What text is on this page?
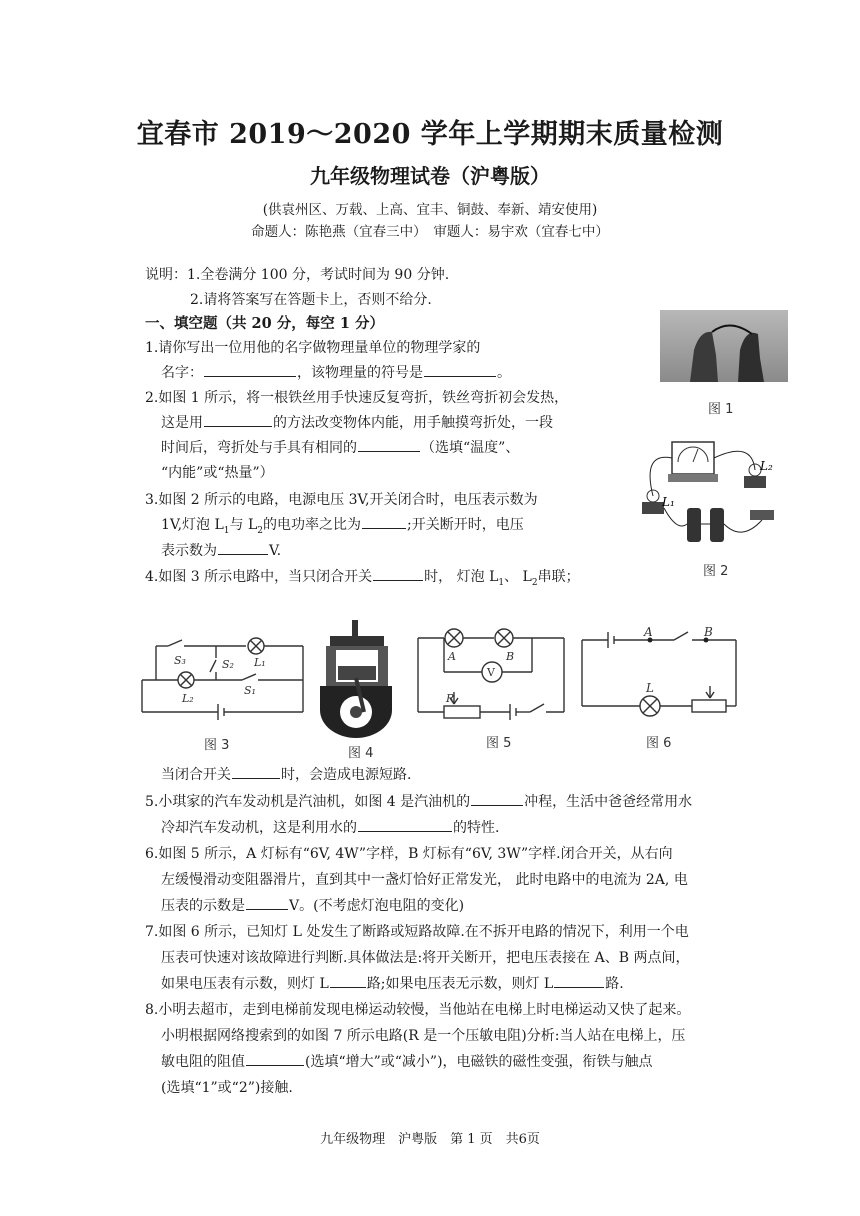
宜春市 2019～2020 学年上学期期末质量检测
九年级物理试卷（沪粤版）
(供袁州区、万载、上高、宜丰、铜鼓、奉新、靖安使用)
命题人：陈艳燕（宜春三中）　审题人：易宇欢（宜春七中）
说明：1.全卷满分 100 分，考试时间为 90 分钟.
2.请将答案写在答题卡上，否则不给分.
一、填空题（共 20 分，每空 1 分）
1.请你写出一位用他的名字做物理量单位的物理学家的
名字：	，该物理量的符号是	。
2.如图 1 所示，将一根铁丝用手快速反复弯折，铁丝弯折初会发热，
这是用	的方法改变物体内能，用手触摸弯折处，一段
时间后，弯折处与手具有相同的	（选填“温度”、
“内能”或“热量”）
3.如图 2 所示的电路，电源电压 3V,开关闭合时，电压表示数为
1V,灯泡 $L_1$与 $L_2$的电功率之比为	;开关断开时，电压
表示数为	V.
4.如图 3 所示电路中，当只闭合开关	时， 灯泡 $L_1$、 $L_2$串联；
图 1
L₂
L₁
图 2
S₃	S₂ L₁
L₂
S₁
图 3
图 4
A	B
V
R
图 5
A	B
L
图 6
当闭合开关	时，会造成电源短路.
5.小琪家的汽车发动机是汽油机，如图 4 是汽油机的	冲程，生活中爸爸经常用水
冷却汽车发动机，这是利用水的	的特性.
6.如图 5 所示，A 灯标有“6V, 4W”字样，B 灯标有“6V, 3W”字样.闭合开关，从右向
左缓慢滑动变阻器滑片，直到其中一盏灯恰好正常发光， 此时电路中的电流为 2A, 电
压表的示数是	V。(不考虑灯泡电阻的变化)
7.如图 6 所示，已知灯 L 处发生了断路或短路故障.在不拆开电路的情况下，利用一个电
压表可快速对该故障进行判断.具体做法是:将开关断开，把电压表接在 A、B 两点间，
如果电压表有示数，则灯 L	路;如果电压表无示数，则灯 L	路.
8.小明去超市，走到电梯前发现电梯运动较慢，当他站在电梯上时电梯运动又快了起来。
小明根据网络搜索到的如图 7 所示电路(R 是一个压敏电阻)分析:当人站在电梯上，压
敏电阻的阻值	(选填“增大”或“减小”)，电磁铁的磁性变强，衔铁与触点
(选填“1”或“2”)接触.
九年级物理　沪粤版　第 1 页　共6页
